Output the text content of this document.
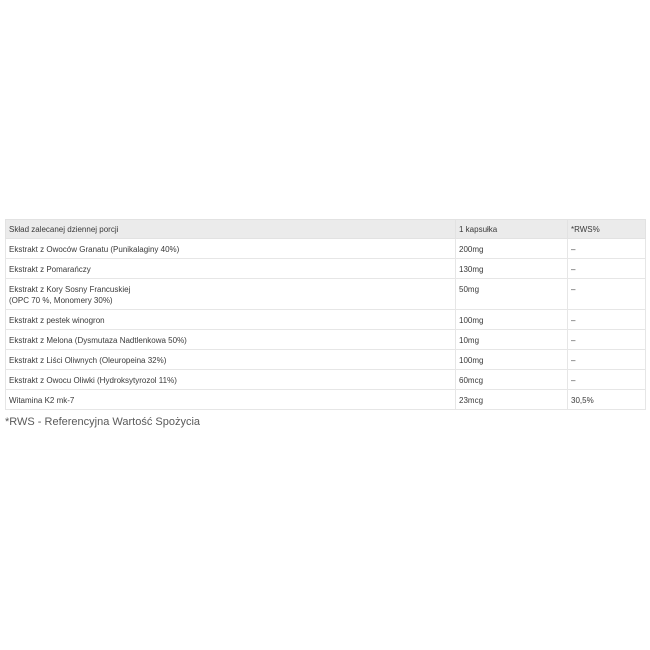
Skład zalecanej dziennej porcji	1 kapsułka	*RWS%
Ekstrakt z Owoców Granatu (Punikalaginy 40%)	200mg	–
Ekstrakt z Pomarańczy	130mg	–
Ekstrakt z Kory Sosny Francuskiej
(OPC 70 %, Monomery 30%)	50mg	–
Ekstrakt z pestek winogron	100mg	–
Ekstrakt z Melona (Dysmutaza Nadtlenkowa 50%)	10mg	–
Ekstrakt z Liści Oliwnych (Oleuropeina 32%)	100mg	–
Ekstrakt z Owocu Oliwki (Hydroksytyrozol 11%)	60mcg	–
Witamina K2 mk-7	23mcg	30,5%
*RWS - Referencyjna Wartość Spożycia
